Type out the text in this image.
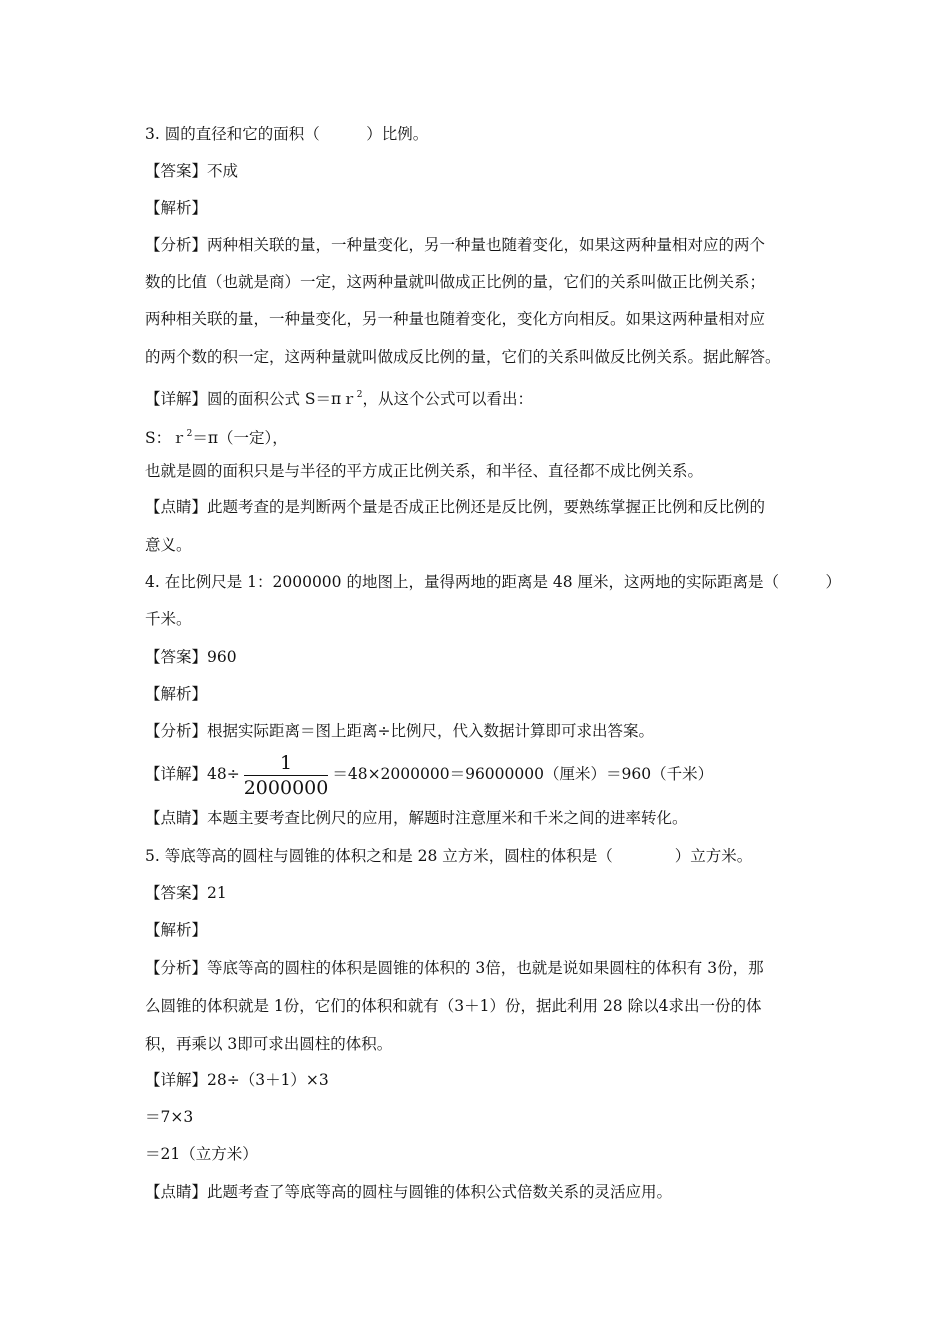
3. 圆的直径和它的面积（　　　）比例。
【答案】不成
【解析】
【分析】两种相关联的量，一种量变化，另一种量也随着变化，如果这两种量相对应的两个
数的比值（也就是商）一定，这两种量就叫做成正比例的量，它们的关系叫做正比例关系；
两种相关联的量，一种量变化，另一种量也随着变化，变化方向相反。如果这两种量相对应
的两个数的积一定，这两种量就叫做成反比例的量，它们的关系叫做反比例关系。据此解答。
【详解】圆的面积公式 S＝πｒ$^2$，从这个公式可以看出：
S：ｒ$^2$＝π（一定），
也就是圆的面积只是与半径的平方成正比例关系，和半径、直径都不成比例关系。
【点睛】此题考查的是判断两个量是否成正比例还是反比例，要熟练掌握正比例和反比例的
意义。
4. 在比例尺是 1：2000000 的地图上，量得两地的距离是 48 厘米，这两地的实际距离是（　　　）
千米。
【答案】960
【解析】
【分析】根据实际距离＝图上距离÷比例尺，代入数据计算即可求出答案。
【详解】$48\div \frac{1}{2000000} =48\times 2000000=96000000$（厘米）＝960（千米）
【点睛】本题主要考查比例尺的应用，解题时注意厘米和千米之间的进率转化。
5. 等底等高的圆柱与圆锥的体积之和是 28 立方米，圆柱的体积是（　　　　）立方米。
【答案】21
【解析】
【分析】等底等高的圆柱的体积是圆锥的体积的 3倍，也就是说如果圆柱的体积有 3份，那
么圆锥的体积就是 1份，它们的体积和就有（3＋1）份，据此利用 28 除以4求出一份的体
积，再乘以 3即可求出圆柱的体积。
【详解】28÷（3＋1）×3
＝7×3
＝21（立方米）
【点睛】此题考查了等底等高的圆柱与圆锥的体积公式倍数关系的灵活应用。
